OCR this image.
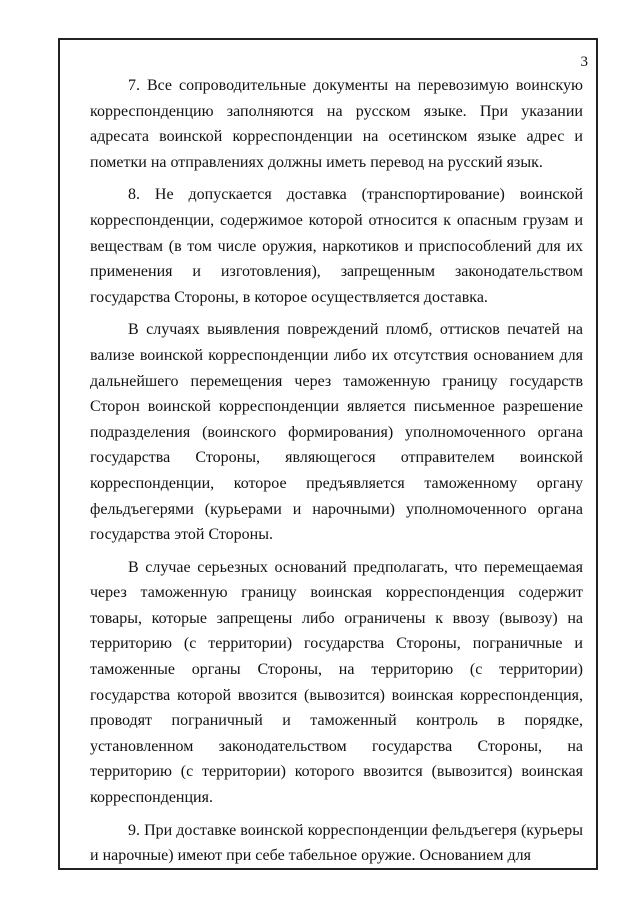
3

7. Все сопроводительные документы на перевозимую воинскую корреспонденцию заполняются на русском языке. При указании адресата воинской корреспонденции на осетинском языке адрес и пометки на отправлениях должны иметь перевод на русский язык.

8. Не допускается доставка (транспортирование) воинской корреспонденции, содержимое которой относится к опасным грузам и веществам (в том числе оружия, наркотиков и приспособлений для их применения и изготовления), запрещенным законодательством государства Стороны, в которое осуществляется доставка.

В случаях выявления повреждений пломб, оттисков печатей на вализе воинской корреспонденции либо их отсутствия основанием для дальнейшего перемещения через таможенную границу государств Сторон воинской корреспонденции является письменное разрешение подразделения (воинского формирования) уполномоченного органа государства Стороны, являющегося отправителем воинской корреспонденции, которое предъявляется таможенному органу фельдъегерями (курьерами и нарочными) уполномоченного органа государства этой Стороны.

В случае серьезных оснований предполагать, что перемещаемая через таможенную границу воинская корреспонденция содержит товары, которые запрещены либо ограничены к ввозу (вывозу) на территорию (с территории) государства Стороны, пограничные и таможенные органы Стороны, на территорию (с территории) государства которой ввозится (вывозится) воинская корреспонденция, проводят пограничный и таможенный контроль в порядке, установленном законодательством государства Стороны, на территорию (с территории) которого ввозится (вывозится) воинская корреспонденция.

9. При доставке воинской корреспонденции фельдъегеря (курьеры и нарочные) имеют при себе табельное оружие. Основанием для
